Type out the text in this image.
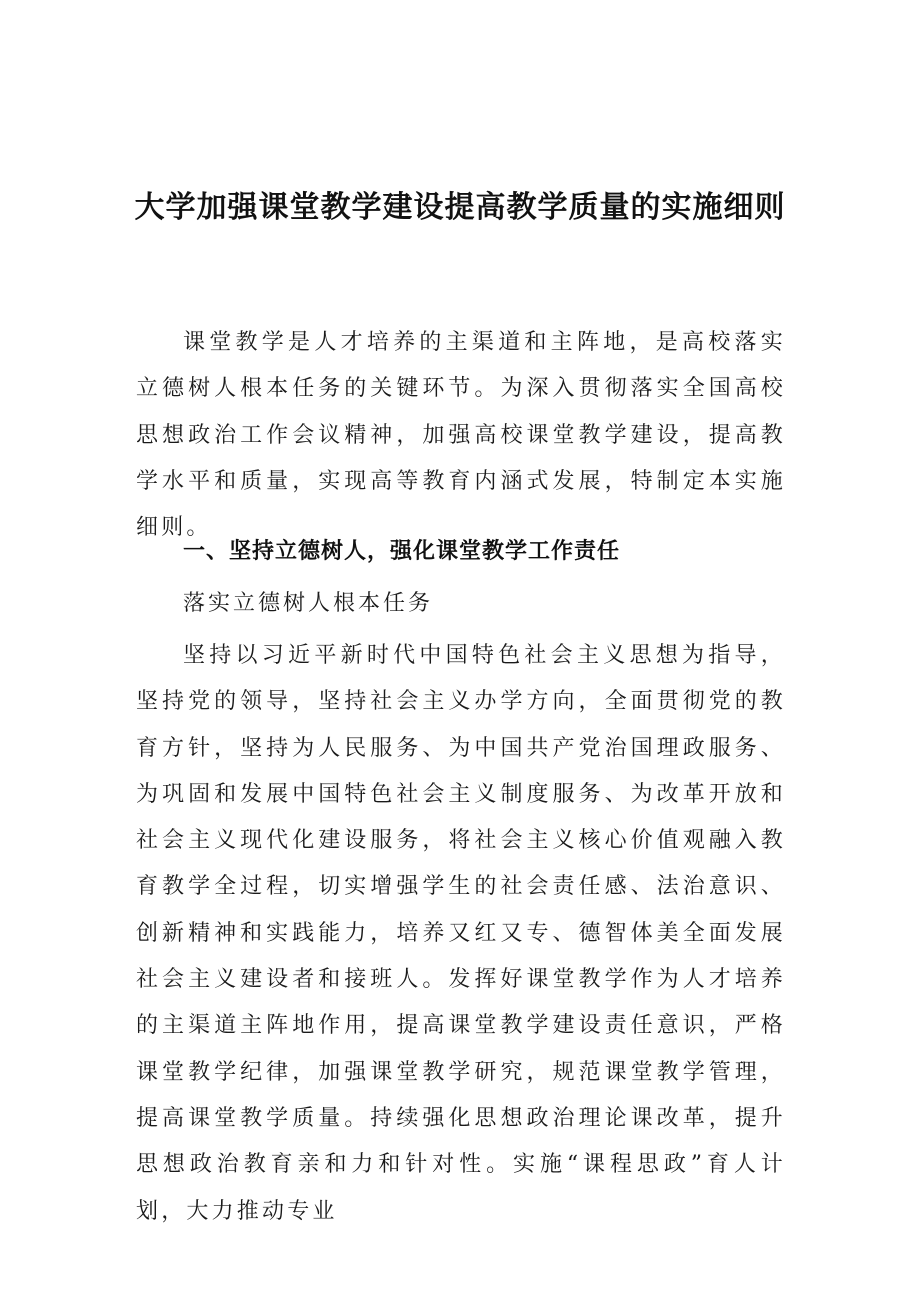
大学加强课堂教学建设提高教学质量的实施细则

课堂教学是人才培养的主渠道和主阵地，是高校落实立德树人根本任务的关键环节。为深入贯彻落实全国高校思想政治工作会议精神，加强高校课堂教学建设，提高教学水平和质量，实现高等教育内涵式发展，特制定本实施细则。

一、坚持立德树人，强化课堂教学工作责任

落实立德树人根本任务

坚持以习近平新时代中国特色社会主义思想为指导，坚持党的领导，坚持社会主义办学方向，全面贯彻党的教育方针，坚持为人民服务、为中国共产党治国理政服务、为巩固和发展中国特色社会主义制度服务、为改革开放和社会主义现代化建设服务，将社会主义核心价值观融入教育教学全过程，切实增强学生的社会责任感、法治意识、创新精神和实践能力，培养又红又专、德智体美全面发展社会主义建设者和接班人。发挥好课堂教学作为人才培养的主渠道主阵地作用，提高课堂教学建设责任意识，严格课堂教学纪律，加强课堂教学研究，规范课堂教学管理，提高课堂教学质量。持续强化思想政治理论课改革，提升思想政治教育亲和力和针对性。实施“课程思政”育人计划，大力推动专业
